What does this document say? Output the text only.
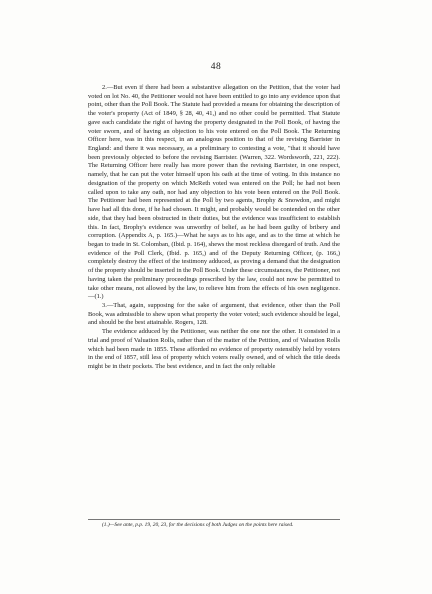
48

2.—But even if there had been a substantive allegation on the Petition, that the voter had voted on lot No. 40, the Petitioner would not have been entitled to go into any evidence upon that point, other than the Poll Book. The Statute had provided a means for obtaining the description of the voter's property (Act of 1849, § 28, 40, 41,) and no other could be permitted. That Statute gave each candidate the right of having the property designated in the Poll Book, of having the voter sworn, and of having an objection to his vote entered on the Poll Book. The Returning Officer here, was in this respect, in an analogous position to that of the revising Barrister in England: and there it was necessary, as a preliminary to contesting a vote, "that it should have been previously objected to before the revising Barrister. (Warren, 322. Wordsworth, 221, 222). The Returning Officer here really has more power than the revising Barrister, in one respect, namely, that he can put the voter himself upon his oath at the time of voting. In this instance no designation of the property on which McReth voted was entered on the Poll; he had not been called upon to take any oath, nor had any objection to his vote been entered on the Poll Book. The Petitioner had been represented at the Poll by two agents, Brophy & Snowdon, and might have had all this done, if he had chosen. It might, and probably would be contended on the other side, that they had been obstructed in their duties, but the evidence was insufficient to establish this. In fact, Brophy's evidence was unworthy of belief, as he had been guilty of bribery and corruption. (Appendix A, p. 165.)—What he says as to his age, and as to the time at which he began to trade in St. Colomban, (Ibid. p. 164), shews the most reckless disregard of truth. And the evidence of the Poll Clerk, (Ibid. p. 165,) and of the Deputy Returning Officer, (p. 166,) completely destroy the effect of the testimony adduced, as proving a demand that the designation of the property should be inserted in the Poll Book. Under these circumstances, the Petitioner, not having taken the preliminary proceedings prescribed by the law, could not now be permitted to take other means, not allowed by the law, to relieve him from the effects of his own negligence.—(1.)

3.—That, again, supposing for the sake of argument, that evidence, other than the Poll Book, was admissible to shew upon what property the voter voted; such evidence should be legal, and should be the best attainable. Rogers, 128.

The evidence adduced by the Petitioner, was neither the one nor the other. It consisted in a trial and proof of Valuation Rolls, rather than of the matter of the Petition, and of Valuation Rolls which had been made in 1855. These afforded no evidence of property ostensibly held by voters in the end of 1857, still less of property which voters really owned, and of which the title deeds might be in their pockets. The best evidence, and in fact the only reliable

(1.)—See ante, p.p. 19, 20, 23, for the decisions of both Judges on the points here raised.
